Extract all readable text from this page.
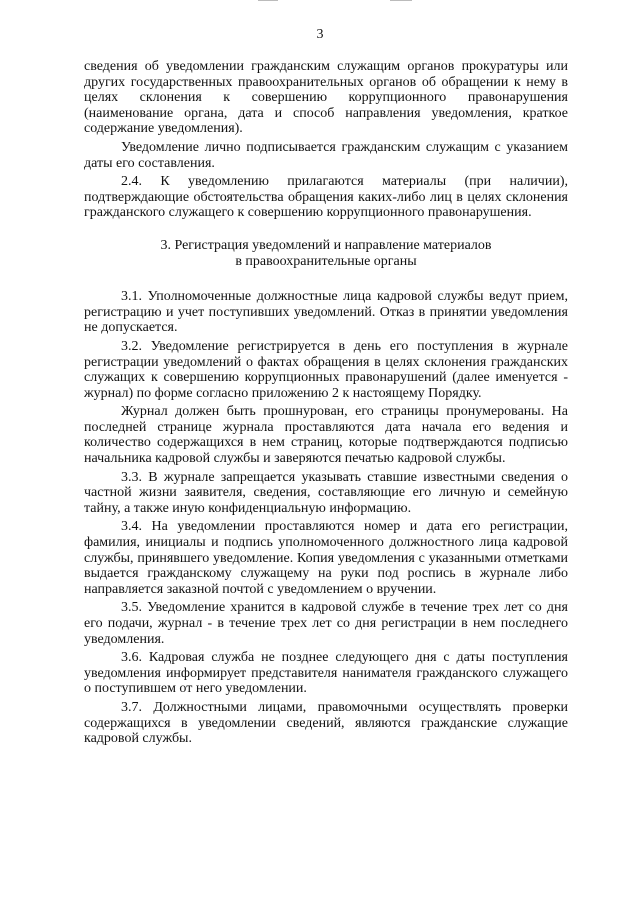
3

сведения об уведомлении гражданским служащим органов прокуратуры или других государственных правоохранительных органов об обращении к нему в целях склонения к совершению коррупционного правонарушения (наименование органа, дата и способ направления уведомления, краткое содержание уведомления).

Уведомление лично подписывается гражданским служащим с указанием даты его составления.

2.4. К уведомлению прилагаются материалы (при наличии), подтверждающие обстоятельства обращения каких-либо лиц в целях склонения гражданского служащего к совершению коррупционного правонарушения.

3. Регистрация уведомлений и направление материалов
в правоохранительные органы

3.1. Уполномоченные должностные лица кадровой службы ведут прием, регистрацию и учет поступивших уведомлений. Отказ в принятии уведомления не допускается.

3.2. Уведомление регистрируется в день его поступления в журнале регистрации уведомлений о фактах обращения в целях склонения гражданских служащих к совершению коррупционных правонарушений (далее именуется - журнал) по форме согласно приложению 2 к настоящему Порядку.

Журнал должен быть прошнурован, его страницы пронумерованы. На последней странице журнала проставляются дата начала его ведения и количество содержащихся в нем страниц, которые подтверждаются подписью начальника кадровой службы и заверяются печатью кадровой службы.

3.3. В журнале запрещается указывать ставшие известными сведения о частной жизни заявителя, сведения, составляющие его личную и семейную тайну, а также иную конфиденциальную информацию.

3.4. На уведомлении проставляются номер и дата его регистрации, фамилия, инициалы и подпись уполномоченного должностного лица кадровой службы, принявшего уведомление. Копия уведомления с указанными отметками выдается гражданскому служащему на руки под роспись в журнале либо направляется заказной почтой с уведомлением о вручении.

3.5. Уведомление хранится в кадровой службе в течение трех лет со дня его подачи, журнал - в течение трех лет со дня регистрации в нем последнего уведомления.

3.6. Кадровая служба не позднее следующего дня с даты поступления уведомления информирует представителя нанимателя гражданского служащего о поступившем от него уведомлении.

3.7. Должностными лицами, правомочными осуществлять проверки содержащихся в уведомлении сведений, являются гражданские служащие кадровой службы.
